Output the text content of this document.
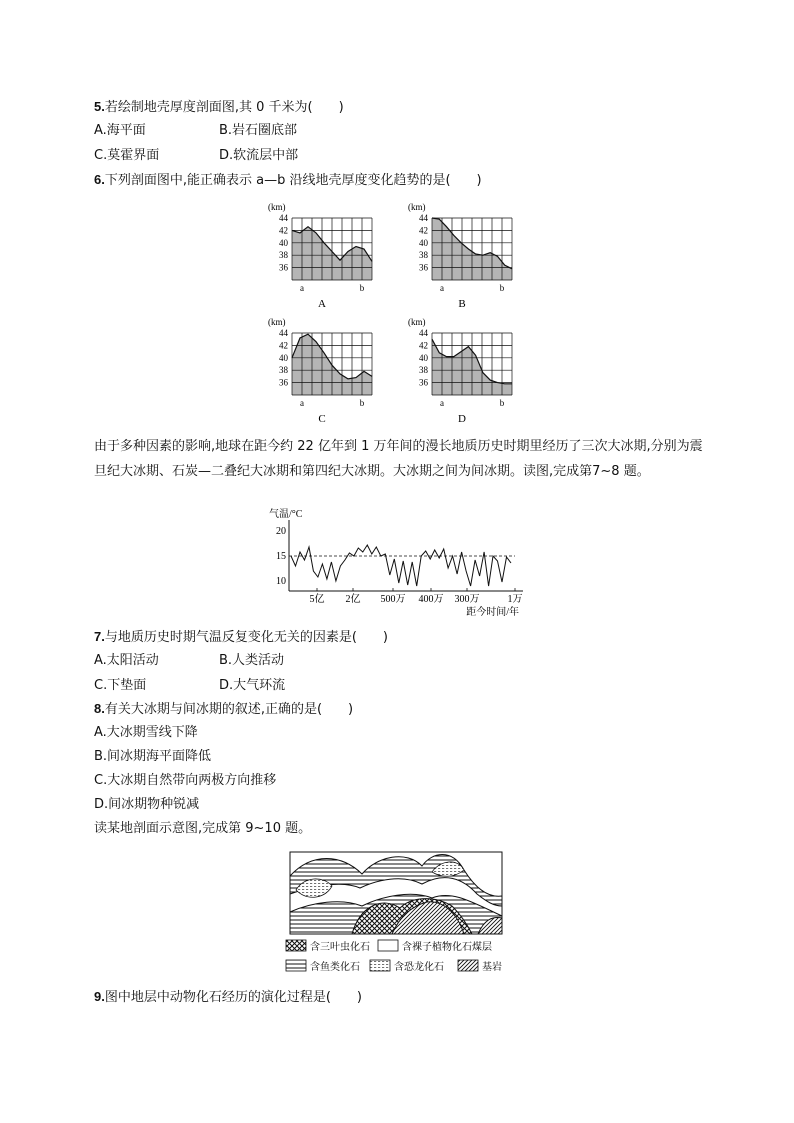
5.若绘制地壳厚度剖面图,其 0 千米为(　　)
A.海平面	B.岩石圈底部
C.莫霍界面	D.软流层中部
6.下列剖面图中,能正确表示 a—b 沿线地壳厚度变化趋势的是(　　)
(km)
44
42
40
38
36
a	b
A
(km)
44
42
40
38
36
a	b
B
(km)
44
42
40
38
36
a	b
C
(km)
44
42
40
38
36
a	b
D
由于多种因素的影响,地球在距今约 22 亿年到 1 万年间的漫长地质历史时期里经历了三次大冰期,分别为震旦纪大冰期、石炭—二叠纪大冰期和第四纪大冰期。大冰期之间为间冰期。读图,完成第7~8 题。
气温/°C
20
15
10
5亿 2亿 500万 400万 300万	1万
距今时间/年
7.与地质历史时期气温反复变化无关的因素是(　　)
A.太阳活动	B.人类活动
C.下垫面	D.大气环流
8.有关大冰期与间冰期的叙述,正确的是(　　)
A.大冰期雪线下降
B.间冰期海平面降低
C.大冰期自然带向两极方向推移
D.间冰期物种锐减
读某地剖面示意图,完成第 9~10 题。
含三叶虫化石	含裸子植物化石煤层
含鱼类化石	含恐龙化石	基岩
9.图中地层中动物化石经历的演化过程是(　　)
